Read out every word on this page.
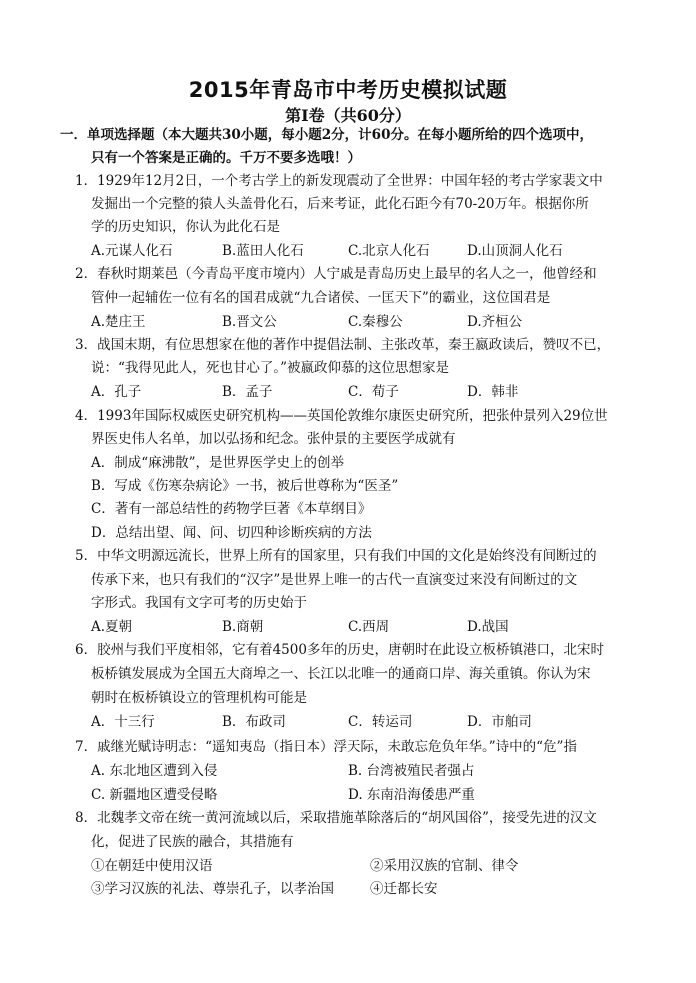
2015年青岛市中考历史模拟试题
第Ⅰ卷（共60分）
一．单项选择题（本大题共30小题，每小题2分，计60分。在每小题所给的四个选项中，
只有一个答案是正确的。千万不要多选哦！）
1．1929年12月2日，一个考古学上的新发现震动了全世界：中国年轻的考古学家裴文中
发掘出一个完整的猿人头盖骨化石，后来考证，此化石距今有70-20万年。根据你所
学的历史知识，你认为此化石是
A.元谋人化石	B.蓝田人化石	C.北京人化石	D.山顶洞人化石
2．春秋时期莱邑（今青岛平度市境内）人宁戚是青岛历史上最早的名人之一，他曾经和
管仲一起辅佐一位有名的国君成就“九合诸侯、一匡天下”的霸业，这位国君是
A.楚庄王	B.晋文公	C.秦穆公	D.齐桓公
3．战国末期，有位思想家在他的著作中提倡法制、主张改革，秦王嬴政读后，赞叹不已，
说：“我得见此人，死也甘心了。”被嬴政仰慕的这位思想家是
A．孔子	B．孟子	C．荀子	D．韩非
4．1993年国际权威医史研究机构——英国伦敦维尔康医史研究所，把张仲景列入29位世
界医史伟人名单，加以弘扬和纪念。张仲景的主要医学成就有
A．制成“麻沸散”，是世界医学史上的创举
B．写成《伤寒杂病论》一书，被后世尊称为“医圣”
C．著有一部总结性的药物学巨著《本草纲目》
D．总结出望、闻、问、切四种诊断疾病的方法
5．中华文明源远流长，世界上所有的国家里，只有我们中国的文化是始终没有间断过的
传承下来，也只有我们的“汉字”是世界上唯一的古代一直演变过来没有间断过的文
字形式。我国有文字可考的历史始于
A.夏朝	B.商朝	C.西周	D.战国
6．胶州与我们平度相邻，它有着4500多年的历史，唐朝时在此设立板桥镇港口，北宋时
板桥镇发展成为全国五大商埠之一、长江以北唯一的通商口岸、海关重镇。你认为宋
朝时在板桥镇设立的管理机构可能是
A．十三行	B．布政司	C．转运司	D．市舶司
7．戚继光赋诗明志：“遥知夷岛（指日本）浮天际，未敢忘危负年华。”诗中的“危”指
A. 东北地区遭到入侵	B. 台湾被殖民者强占
C. 新疆地区遭受侵略	D. 东南沿海倭患严重
8．北魏孝文帝在统一黄河流域以后，采取措施革除落后的“胡风国俗”，接受先进的汉文
化，促进了民族的融合，其措施有
①在朝廷中使用汉语	②采用汉族的官制、律令
③学习汉族的礼法、尊崇孔子，以孝治国	④迁都长安
